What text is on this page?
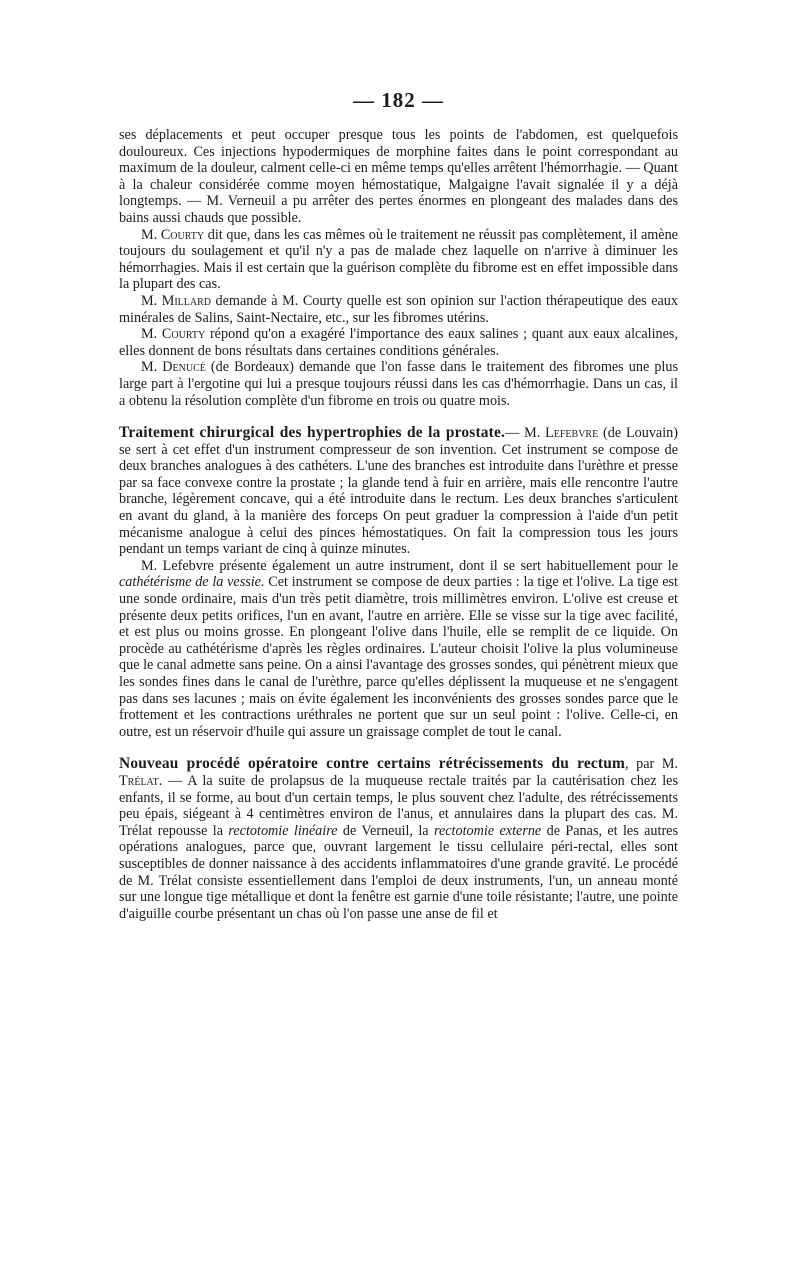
— 182 —

ses déplacements et peut occuper presque tous les points de l'abdomen, est quelquefois douloureux. Ces injections hypodermiques de morphine faites dans le point correspondant au maximum de la douleur, calment celle-ci en même temps qu'elles arrêtent l'hémorrhagie. — Quant à la chaleur considérée comme moyen hémostatique, Malgaigne l'avait signalée il y a déjà longtemps. — M. Verneuil a pu arrêter des pertes énormes en plongeant des malades dans des bains aussi chauds que possible.

M. Courty dit que, dans les cas mêmes où le traitement ne réussit pas complètement, il amène toujours du soulagement et qu'il n'y a pas de malade chez laquelle on n'arrive à diminuer les hémorrhagies. Mais il est certain que la guérison complète du fibrome est en effet impossible dans la plupart des cas.

M. Millard demande à M. Courty quelle est son opinion sur l'action thérapeutique des eaux minérales de Salins, Saint-Nectaire, etc., sur les fibromes utérins.

M. Courty répond qu'on a exagéré l'importance des eaux salines ; quant aux eaux alcalines, elles donnent de bons résultats dans certaines conditions générales.

M. Denucé (de Bordeaux) demande que l'on fasse dans le traitement des fibromes une plus large part à l'ergotine qui lui a presque toujours réussi dans les cas d'hémorrhagie. Dans un cas, il a obtenu la résolution complète d'un fibrome en trois ou quatre mois.

Traitement chirurgical des hypertrophies de la prostate.— M. Lefebvre (de Louvain) se sert à cet effet d'un instrument compresseur de son invention. Cet instrument se compose de deux branches analogues à des cathéters. L'une des branches est introduite dans l'urèthre et presse par sa face convexe contre la prostate ; la glande tend à fuir en arrière, mais elle rencontre l'autre branche, légèrement concave, qui a été introduite dans le rectum. Les deux branches s'articulent en avant du gland, à la manière des forceps On peut graduer la compression à l'aide d'un petit mécanisme analogue à celui des pinces hémostatiques. On fait la compression tous les jours pendant un temps variant de cinq à quinze minutes.

M. Lefebvre présente également un autre instrument, dont il se sert habituellement pour le cathétérisme de la vessie. Cet instrument se compose de deux parties : la tige et l'olive. La tige est une sonde ordinaire, mais d'un très petit diamètre, trois millimètres environ. L'olive est creuse et présente deux petits orifices, l'un en avant, l'autre en arrière. Elle se visse sur la tige avec facilité, et est plus ou moins grosse. En plongeant l'olive dans l'huile, elle se remplit de ce liquide. On procède au cathétérisme d'après les règles ordinaires. L'auteur choisit l'olive la plus volumineuse que le canal admette sans peine. On a ainsi l'avantage des grosses sondes, qui pénètrent mieux que les sondes fines dans le canal de l'urèthre, parce qu'elles déplissent la muqueuse et ne s'engagent pas dans ses lacunes ; mais on évite également les inconvénients des grosses sondes parce que le frottement et les contractions uréthrales ne portent que sur un seul point : l'olive. Celle-ci, en outre, est un réservoir d'huile qui assure un graissage complet de tout le canal.

Nouveau procédé opératoire contre certains rétrécissements du rectum, par M. Trélat. — A la suite de prolapsus de la muqueuse rectale traités par la cautérisation chez les enfants, il se forme, au bout d'un certain temps, le plus souvent chez l'adulte, des rétrécissements peu épais, siégeant à 4 centimètres environ de l'anus, et annulaires dans la plupart des cas. M. Trélat repousse la rectotomie linéaire de Verneuil, la rectotomie externe de Panas, et les autres opérations analogues, parce que, ouvrant largement le tissu cellulaire péri-rectal, elles sont susceptibles de donner naissance à des accidents inflammatoires d'une grande gravité. Le procédé de M. Trélat consiste essentiellement dans l'emploi de deux instruments, l'un, un anneau monté sur une longue tige métallique et dont la fenêtre est garnie d'une toile résistante; l'autre, une pointe d'aiguille courbe présentant un chas où l'on passe une anse de fil et
